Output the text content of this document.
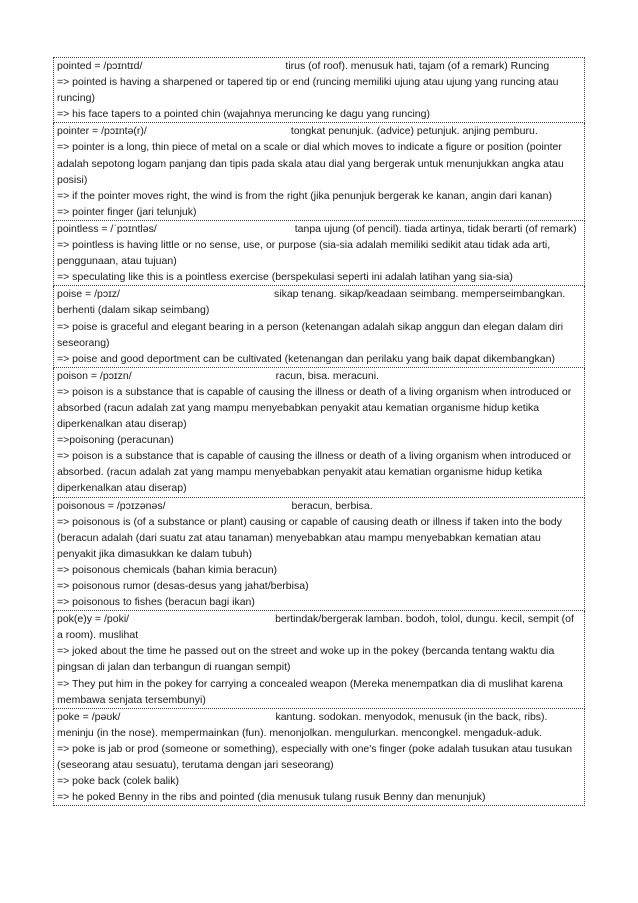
pointed = /pɔɪntɪd/	tirus (of roof). menusuk hati, tajam (of a remark) Runcing
=> pointed is having a sharpened or tapered tip or end (runcing memiliki ujung atau ujung yang runcing atau runcing)
=> his face tapers to a pointed chin (wajahnya meruncing ke dagu yang runcing)
pointer = /pɔɪntə(r)/	tongkat penunjuk. (advice) petunjuk. anjing pemburu.
=> pointer is a long, thin piece of metal on a scale or dial which moves to indicate a figure or position (pointer adalah sepotong logam panjang dan tipis pada skala atau dial yang bergerak untuk menunjukkan angka atau posisi)
=> if the pointer moves right, the wind is from the right (jika penunjuk bergerak ke kanan, angin dari kanan)
=> pointer finger (jari telunjuk)
pointless = /ˈpɔɪntləs/	tanpa ujung (of pencil). tiada artinya, tidak berarti (of remark)
=> pointless is having little or no sense, use, or purpose (sia-sia adalah memiliki sedikit atau tidak ada arti, penggunaan, atau tujuan)
=> speculating like this is a pointless exercise (berspekulasi seperti ini adalah latihan yang sia-sia)
poise = /pɔɪz/	sikap tenang. sikap/keadaan seimbang. memperseimbangkan. berhenti (dalam sikap seimbang)
=> poise is graceful and elegant bearing in a person (ketenangan adalah sikap anggun dan elegan dalam diri seseorang)
=> poise and good deportment can be cultivated (ketenangan dan perilaku yang baik dapat dikembangkan)
poison = /pɔɪzn/	racun, bisa. meracuni.
=> poison is a substance that is capable of causing the illness or death of a living organism when introduced or absorbed (racun adalah zat yang mampu menyebabkan penyakit atau kematian organisme hidup ketika diperkenalkan atau diserap)
=>poisoning (peracunan)
=> poison is a substance that is capable of causing the illness or death of a living organism when introduced or absorbed. (racun adalah zat yang mampu menyebabkan penyakit atau kematian organisme hidup ketika diperkenalkan atau diserap)
poisonous = /pɔɪzənəs/	beracun, berbisa.
=> poisonous is (of a substance or plant) causing or capable of causing death or illness if taken into the body (beracun adalah (dari suatu zat atau tanaman) menyebabkan atau mampu menyebabkan kematian atau penyakit jika dimasukkan ke dalam tubuh)
=> poisonous chemicals (bahan kimia beracun)
=> poisonous rumor (desas-desus yang jahat/berbisa)
=> poisonous to fishes (beracun bagi ikan)
pok(e)y = /poki/	bertindak/bergerak lamban. bodoh, tolol, dungu. kecil, sempit (of a room). muslihat
=> joked about the time he passed out on the street and woke up in the pokey (bercanda tentang waktu dia pingsan di jalan dan terbangun di ruangan sempit)
=> They put him in the pokey for carrying a concealed weapon (Mereka menempatkan dia di muslihat karena membawa senjata tersembunyi)
poke = /pəʊk/	kantung. sodokan. menyodok, menusuk (in the back, ribs). meninju (in the nose). mempermainkan (fun). menonjolkan. mengulurkan. mencongkel. mengaduk-aduk.
=> poke is jab or prod (someone or something), especially with one's finger (poke adalah tusukan atau tusukan (seseorang atau sesuatu), terutama dengan jari seseorang)
=> poke back (colek balik)
=> he poked Benny in the ribs and pointed (dia menusuk tulang rusuk Benny dan menunjuk)
